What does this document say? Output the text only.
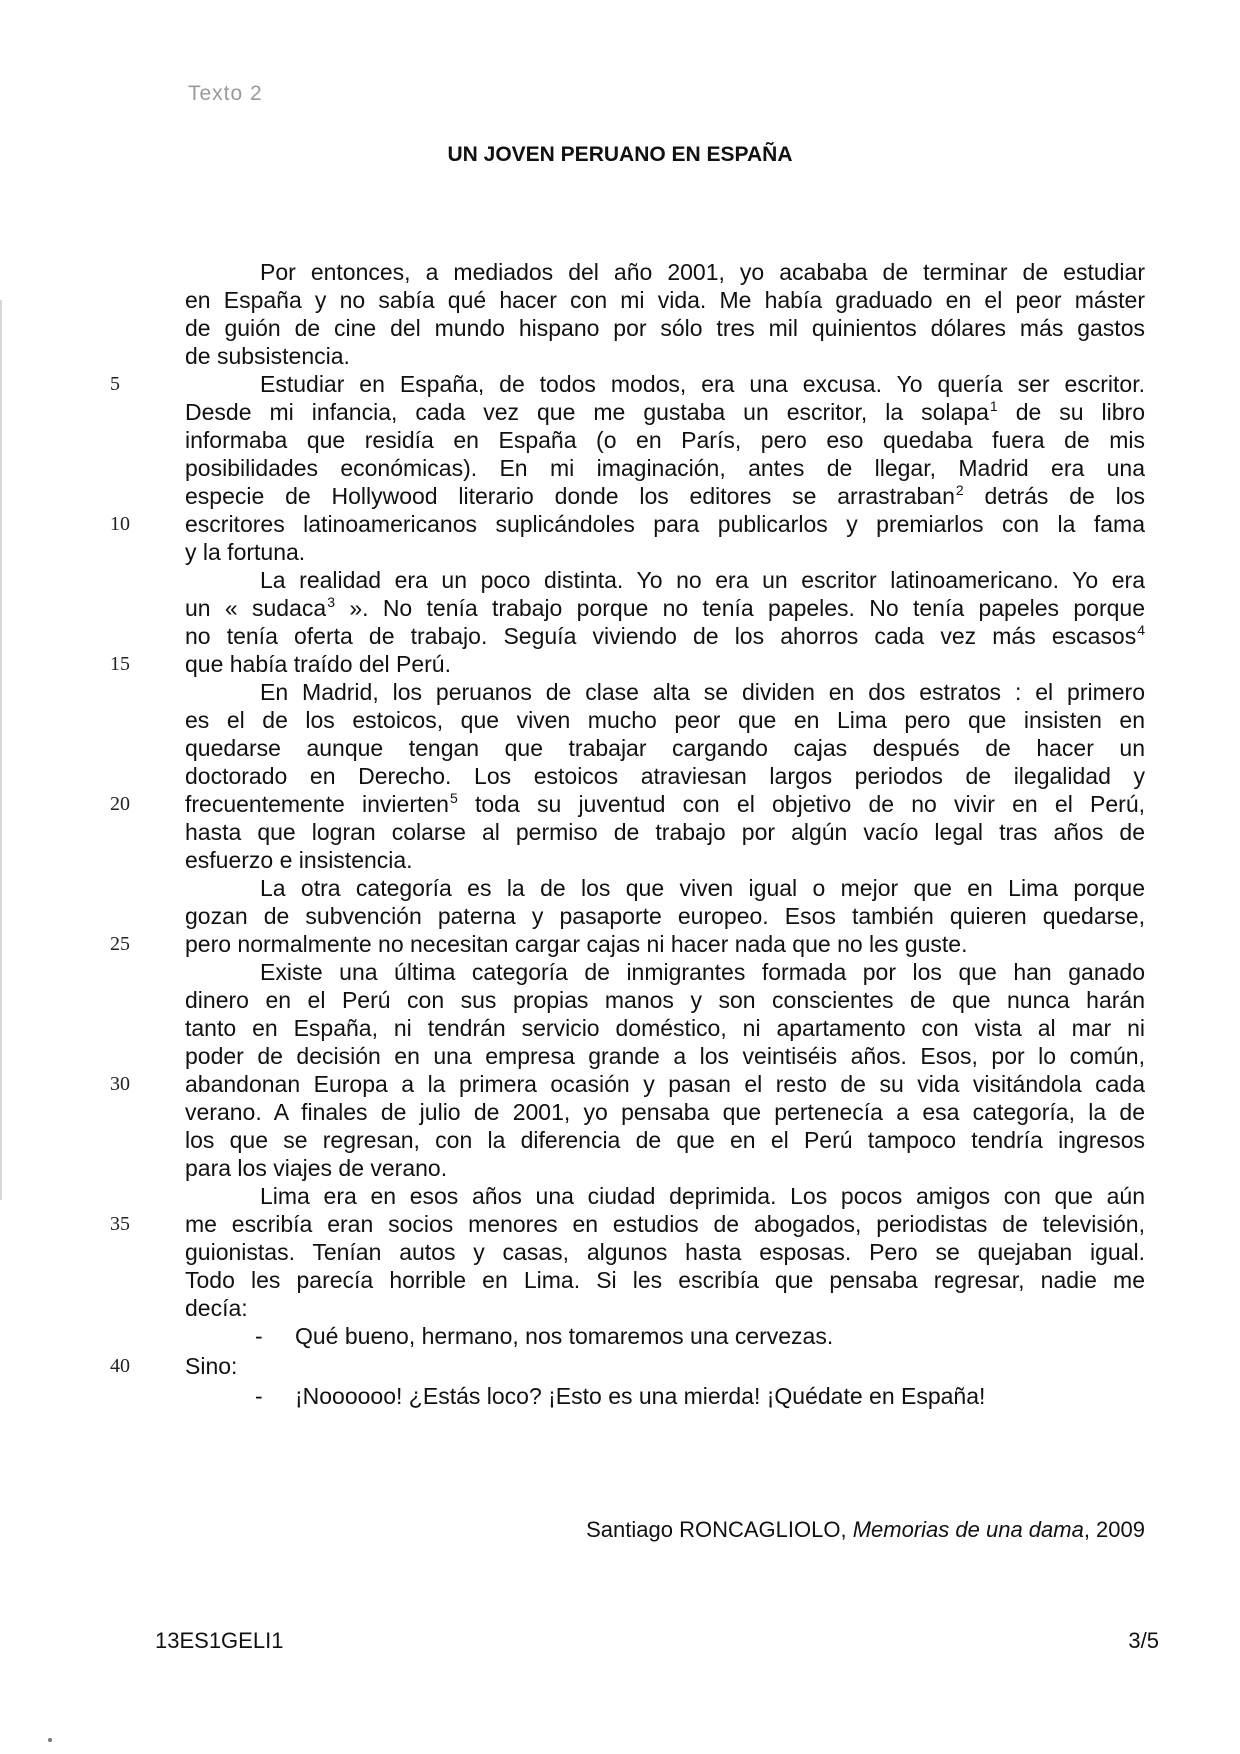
Texto 2
UN JOVEN PERUANO EN ESPAÑA
Por entonces, a mediados del año 2001, yo acababa de terminar de estudiar
en España y no sabía qué hacer con mi vida. Me había graduado en el peor máster
de guión de cine del mundo hispano por sólo tres mil quinientos dólares más gastos
de subsistencia.
Estudiar en España, de todos modos, era una excusa. Yo quería ser escritor.
Desde mi infancia, cada vez que me gustaba un escritor, la solapa$^1$ de su libro
informaba que residía en España (o en París, pero eso quedaba fuera de mis
posibilidades económicas). En mi imaginación, antes de llegar, Madrid era una
especie de Hollywood literario donde los editores se arrastraban$^2$ detrás de los
escritores latinoamericanos suplicándoles para publicarlos y premiarlos con la fama
y la fortuna.
La realidad era un poco distinta. Yo no era un escritor latinoamericano. Yo era
un « sudaca$^3$ ». No tenía trabajo porque no tenía papeles. No tenía papeles porque
no tenía oferta de trabajo. Seguía viviendo de los ahorros cada vez más escasos$^4$
que había traído del Perú.
En Madrid, los peruanos de clase alta se dividen en dos estratos : el primero
es el de los estoicos, que viven mucho peor que en Lima pero que insisten en
quedarse aunque tengan que trabajar cargando cajas después de hacer un
doctorado en Derecho. Los estoicos atraviesan largos periodos de ilegalidad y
frecuentemente invierten$^5$ toda su juventud con el objetivo de no vivir en el Perú,
hasta que logran colarse al permiso de trabajo por algún vacío legal tras años de
esfuerzo e insistencia.
La otra categoría es la de los que viven igual o mejor que en Lima porque
gozan de subvención paterna y pasaporte europeo. Esos también quieren quedarse,
pero normalmente no necesitan cargar cajas ni hacer nada que no les guste.
Existe una última categoría de inmigrantes formada por los que han ganado
dinero en el Perú con sus propias manos y son conscientes de que nunca harán
tanto en España, ni tendrán servicio doméstico, ni apartamento con vista al mar ni
poder de decisión en una empresa grande a los veintiséis años. Esos, por lo común,
abandonan Europa a la primera ocasión y pasan el resto de su vida visitándola cada
verano. A finales de julio de 2001, yo pensaba que pertenecía a esa categoría, la de
los que se regresan, con la diferencia de que en el Perú tampoco tendría ingresos
para los viajes de verano.
Lima era en esos años una ciudad deprimida. Los pocos amigos con que aún
me escribía eran socios menores en estudios de abogados, periodistas de televisión,
guionistas. Tenían autos y casas, algunos hasta esposas. Pero se quejaban igual.
Todo les parecía horrible en Lima. Si les escribía que pensaba regresar, nadie me
decía:
- Qué bueno, hermano, nos tomaremos una cervezas.
Sino:
- ¡Noooooo! ¿Estás loco? ¡Esto es una mierda! ¡Quédate en España!
5
10
15
20
25
30
35
40
Santiago RONCAGLIOLO, Memorias de una dama, 2009
13ES1GELI1	3/5
